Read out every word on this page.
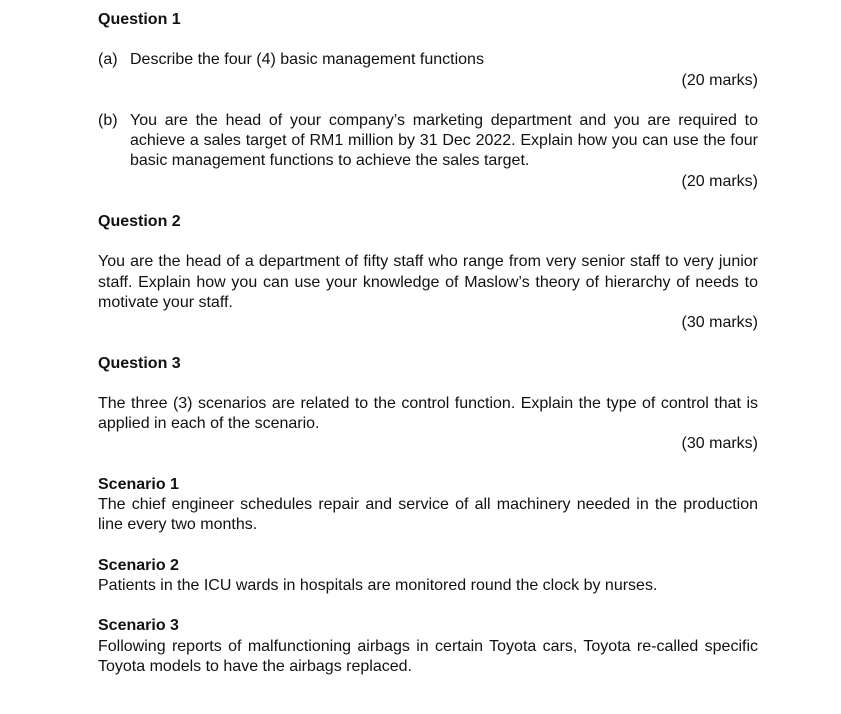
Question 1

(a) Describe the four (4) basic management functions

(20 marks)

(b) You are the head of your company’s marketing department and you are required to achieve a sales target of RM1 million by 31 Dec 2022. Explain how you can use the four basic management functions to achieve the sales target.

(20 marks)

Question 2

You are the head of a department of fifty staff who range from very senior staff to very junior staff. Explain how you can use your knowledge of Maslow’s theory of hierarchy of needs to motivate your staff.

(30 marks)

Question 3

The three (3) scenarios are related to the control function. Explain the type of control that is applied in each of the scenario.

(30 marks)

Scenario 1

The chief engineer schedules repair and service of all machinery needed in the production line every two months.

Scenario 2

Patients in the ICU wards in hospitals are monitored round the clock by nurses.

Scenario 3

Following reports of malfunctioning airbags in certain Toyota cars, Toyota re-called specific Toyota models to have the airbags replaced.
